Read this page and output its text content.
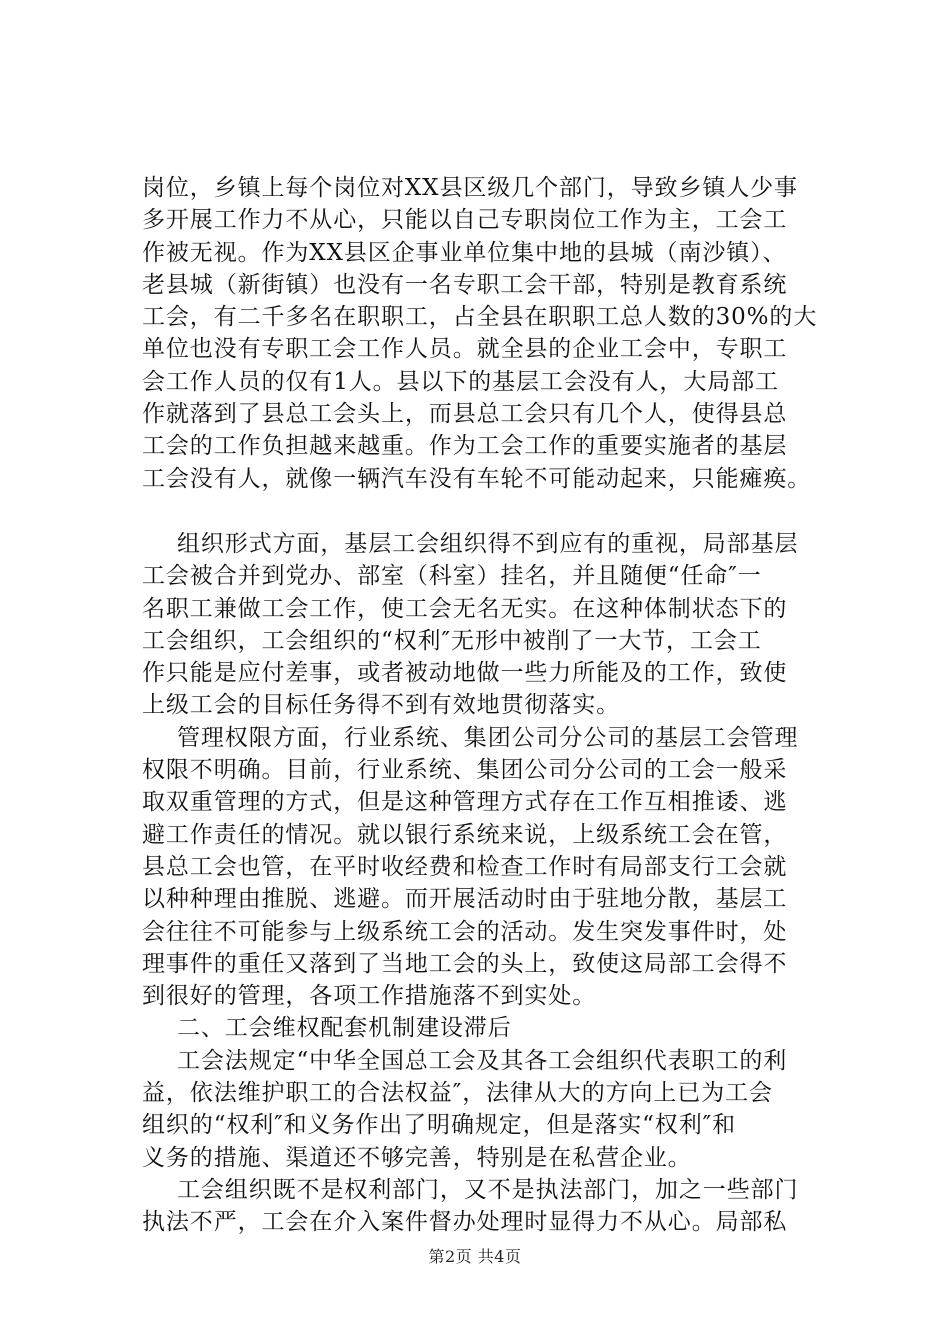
岗位，乡镇上每个岗位对XX县区级几个部门，导致乡镇人少事
多开展工作力不从心，只能以自己专职岗位工作为主，工会工
作被无视。作为XX县区企事业单位集中地的县城（南沙镇）、
老县城（新街镇）也没有一名专职工会干部，特别是教育系统
工会，有二千多名在职职工，占全县在职职工总人数的30%的大
单位也没有专职工会工作人员。就全县的企业工会中，专职工
会工作人员的仅有1人。县以下的基层工会没有人，大局部工
作就落到了县总工会头上，而县总工会只有几个人，使得县总
工会的工作负担越来越重。作为工会工作的重要实施者的基层
工会没有人，就像一辆汽车没有车轮不可能动起来，只能瘫痪。
组织形式方面，基层工会组织得不到应有的重视，局部基层
工会被合并到党办、部室（科室）挂名，并且随便“任命″一
名职工兼做工会工作，使工会无名无实。在这种体制状态下的
工会组织，工会组织的“权利″无形中被削了一大节，工会工
作只能是应付差事，或者被动地做一些力所能及的工作，致使
上级工会的目标任务得不到有效地贯彻落实。
管理权限方面，行业系统、集团公司分公司的基层工会管理
权限不明确。目前，行业系统、集团公司分公司的工会一般采
取双重管理的方式，但是这种管理方式存在工作互相推诿、逃
避工作责任的情况。就以银行系统来说，上级系统工会在管，
县总工会也管，在平时收经费和检查工作时有局部支行工会就
以种种理由推脱、逃避。而开展活动时由于驻地分散，基层工
会往往不可能参与上级系统工会的活动。发生突发事件时，处
理事件的重任又落到了当地工会的头上，致使这局部工会得不
到很好的管理，各项工作措施落不到实处。
二、工会维权配套机制建设滞后
工会法规定“中华全国总工会及其各工会组织代表职工的利
益，依法维护职工的合法权益″，法律从大的方向上已为工会
组织的“权利″和义务作出了明确规定，但是落实“权利″和
义务的措施、渠道还不够完善，特别是在私营企业。
工会组织既不是权利部门，又不是执法部门，加之一些部门
执法不严，工会在介入案件督办处理时显得力不从心。局部私
第2页 共4页
